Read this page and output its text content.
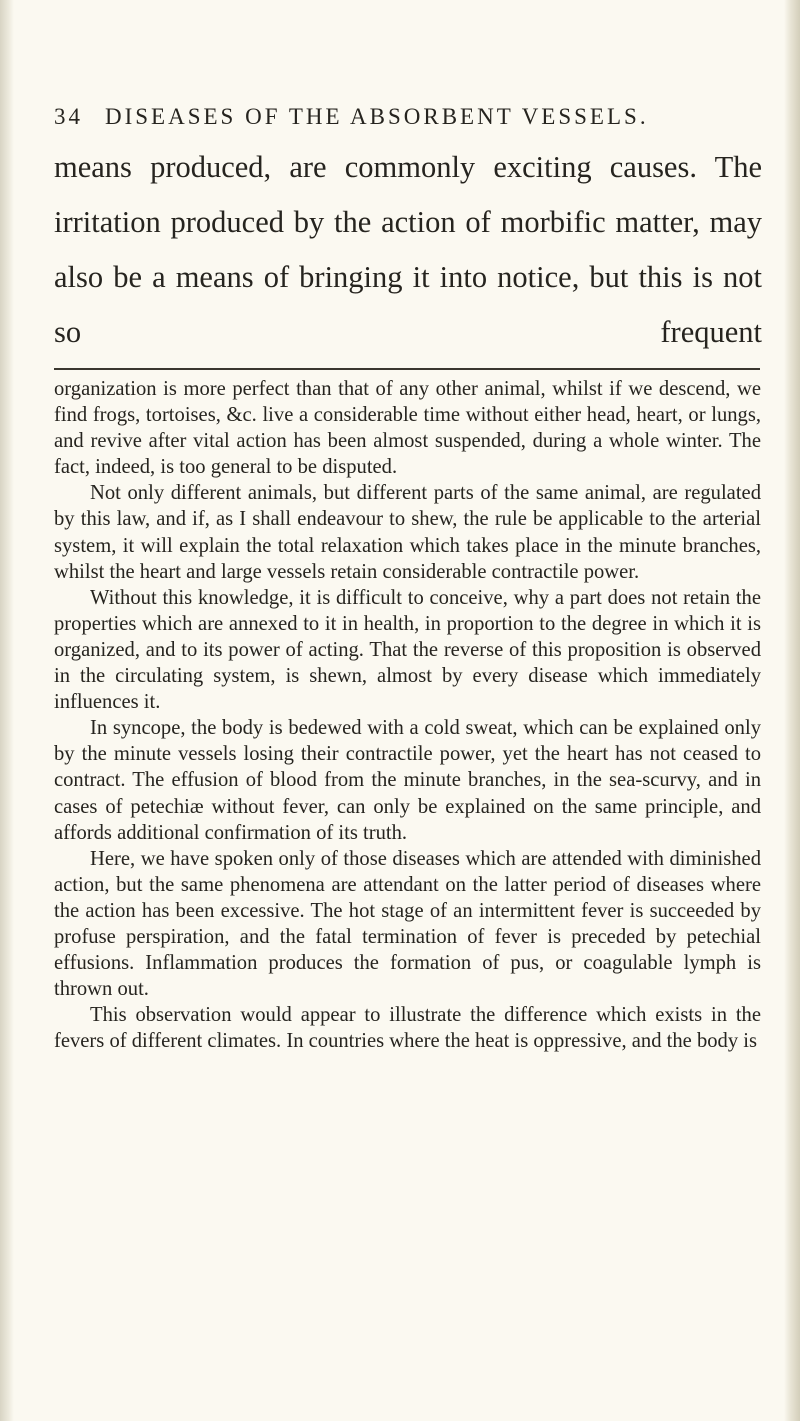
34 DISEASES OF THE ABSORBENT VESSELS.

means produced, are commonly exciting causes. The irritation produced by the action of morbific matter, may also be a means of bringing it into notice, but this is not so frequent

organization is more perfect than that of any other animal, whilst if we descend, we find frogs, tortoises, &c. live a considerable time without either head, heart, or lungs, and revive after vital action has been almost suspended, during a whole winter. The fact, indeed, is too general to be disputed.

Not only different animals, but different parts of the same animal, are regulated by this law, and if, as I shall endeavour to shew, the rule be applicable to the arterial system, it will explain the total relaxation which takes place in the minute branches, whilst the heart and large vessels retain considerable contractile power.

Without this knowledge, it is difficult to conceive, why a part does not retain the properties which are annexed to it in health, in proportion to the degree in which it is organized, and to its power of acting. That the reverse of this proposition is observed in the circulating system, is shewn, almost by every disease which immediately influences it.

In syncope, the body is bedewed with a cold sweat, which can be explained only by the minute vessels losing their contractile power, yet the heart has not ceased to contract. The effusion of blood from the minute branches, in the sea-scurvy, and in cases of petechiæ without fever, can only be explained on the same principle, and affords additional confirmation of its truth.

Here, we have spoken only of those diseases which are attended with diminished action, but the same phenomena are attendant on the latter period of diseases where the action has been excessive. The hot stage of an intermittent fever is succeeded by profuse perspiration, and the fatal termination of fever is preceded by petechial effusions. Inflammation produces the formation of pus, or coagulable lymph is thrown out.

This observation would appear to illustrate the difference which exists in the fevers of different climates. In countries where the heat is oppressive, and the body is
